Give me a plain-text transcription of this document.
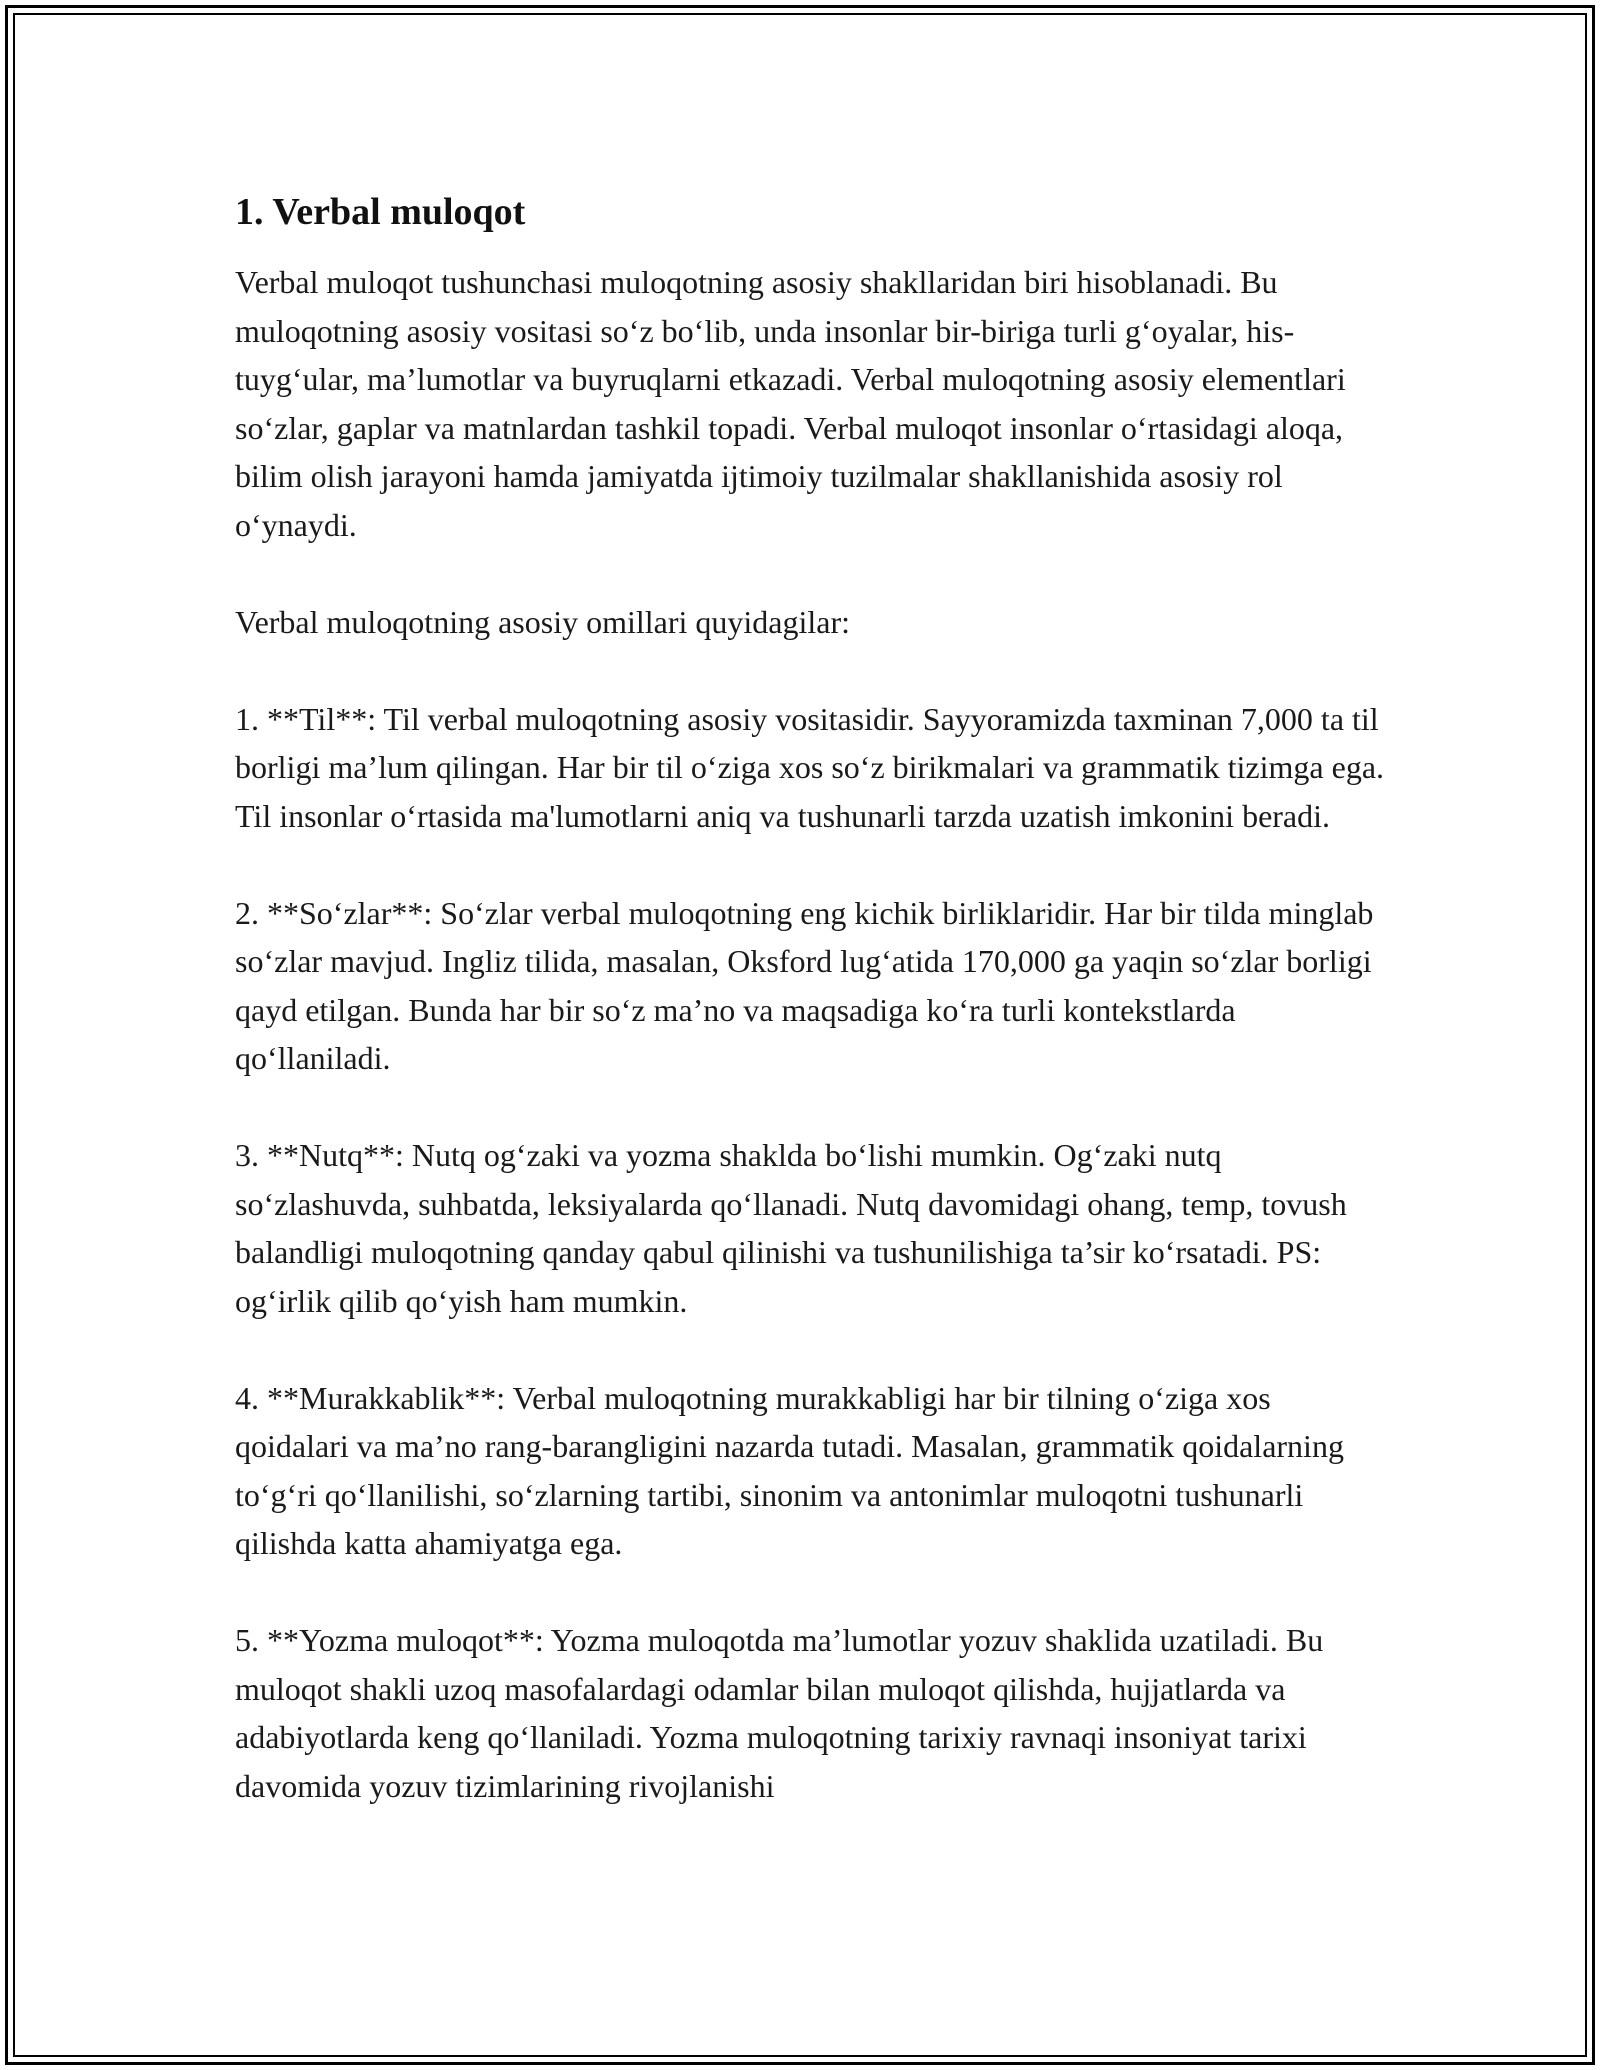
1. Verbal muloqot

Verbal muloqot tushunchasi muloqotning asosiy shakllaridan biri hisoblanadi. Bu muloqotning asosiy vositasi so‘z bo‘lib, unda insonlar bir-biriga turli g‘oyalar, his-tuyg‘ular, ma’lumotlar va buyruqlarni etkazadi. Verbal muloqotning asosiy elementlari so‘zlar, gaplar va matnlardan tashkil topadi. Verbal muloqot insonlar o‘rtasidagi aloqa, bilim olish jarayoni hamda jamiyatda ijtimoiy tuzilmalar shakllanishida asosiy rol o‘ynaydi.

Verbal muloqotning asosiy omillari quyidagilar:

1. **Til**: Til verbal muloqotning asosiy vositasidir. Sayyoramizda taxminan 7,000 ta til borligi ma’lum qilingan. Har bir til o‘ziga xos so‘z birikmalari va grammatik tizimga ega. Til insonlar o‘rtasida ma'lumotlarni aniq va tushunarli tarzda uzatish imkonini beradi.

2. **So‘zlar**: So‘zlar verbal muloqotning eng kichik birliklaridir. Har bir tilda minglab so‘zlar mavjud. Ingliz tilida, masalan, Oksford lug‘atida 170,000 ga yaqin so‘zlar borligi qayd etilgan. Bunda har bir so‘z ma’no va maqsadiga ko‘ra turli kontekstlarda qo‘llaniladi.

3. **Nutq**: Nutq og‘zaki va yozma shaklda bo‘lishi mumkin. Og‘zaki nutq so‘zlashuvda, suhbatda, leksiyalarda qo‘llanadi. Nutq davomidagi ohang, temp, tovush balandligi muloqotning qanday qabul qilinishi va tushunilishiga ta’sir ko‘rsatadi. PS: og‘irlik qilib qo‘yish ham mumkin.

4. **Murakkablik**: Verbal muloqotning murakkabligi har bir tilning o‘ziga xos qoidalari va ma’no rang-barangligini nazarda tutadi. Masalan, grammatik qoidalarning to‘g‘ri qo‘llanilishi, so‘zlarning tartibi, sinonim va antonimlar muloqotni tushunarli qilishda katta ahamiyatga ega.

5. **Yozma muloqot**: Yozma muloqotda ma’lumotlar yozuv shaklida uzatiladi. Bu muloqot shakli uzoq masofalardagi odamlar bilan muloqot qilishda, hujjatlarda va adabiyotlarda keng qo‘llaniladi. Yozma muloqotning tarixiy ravnaqi insoniyat tarixi davomida yozuv tizimlarining rivojlanishi
